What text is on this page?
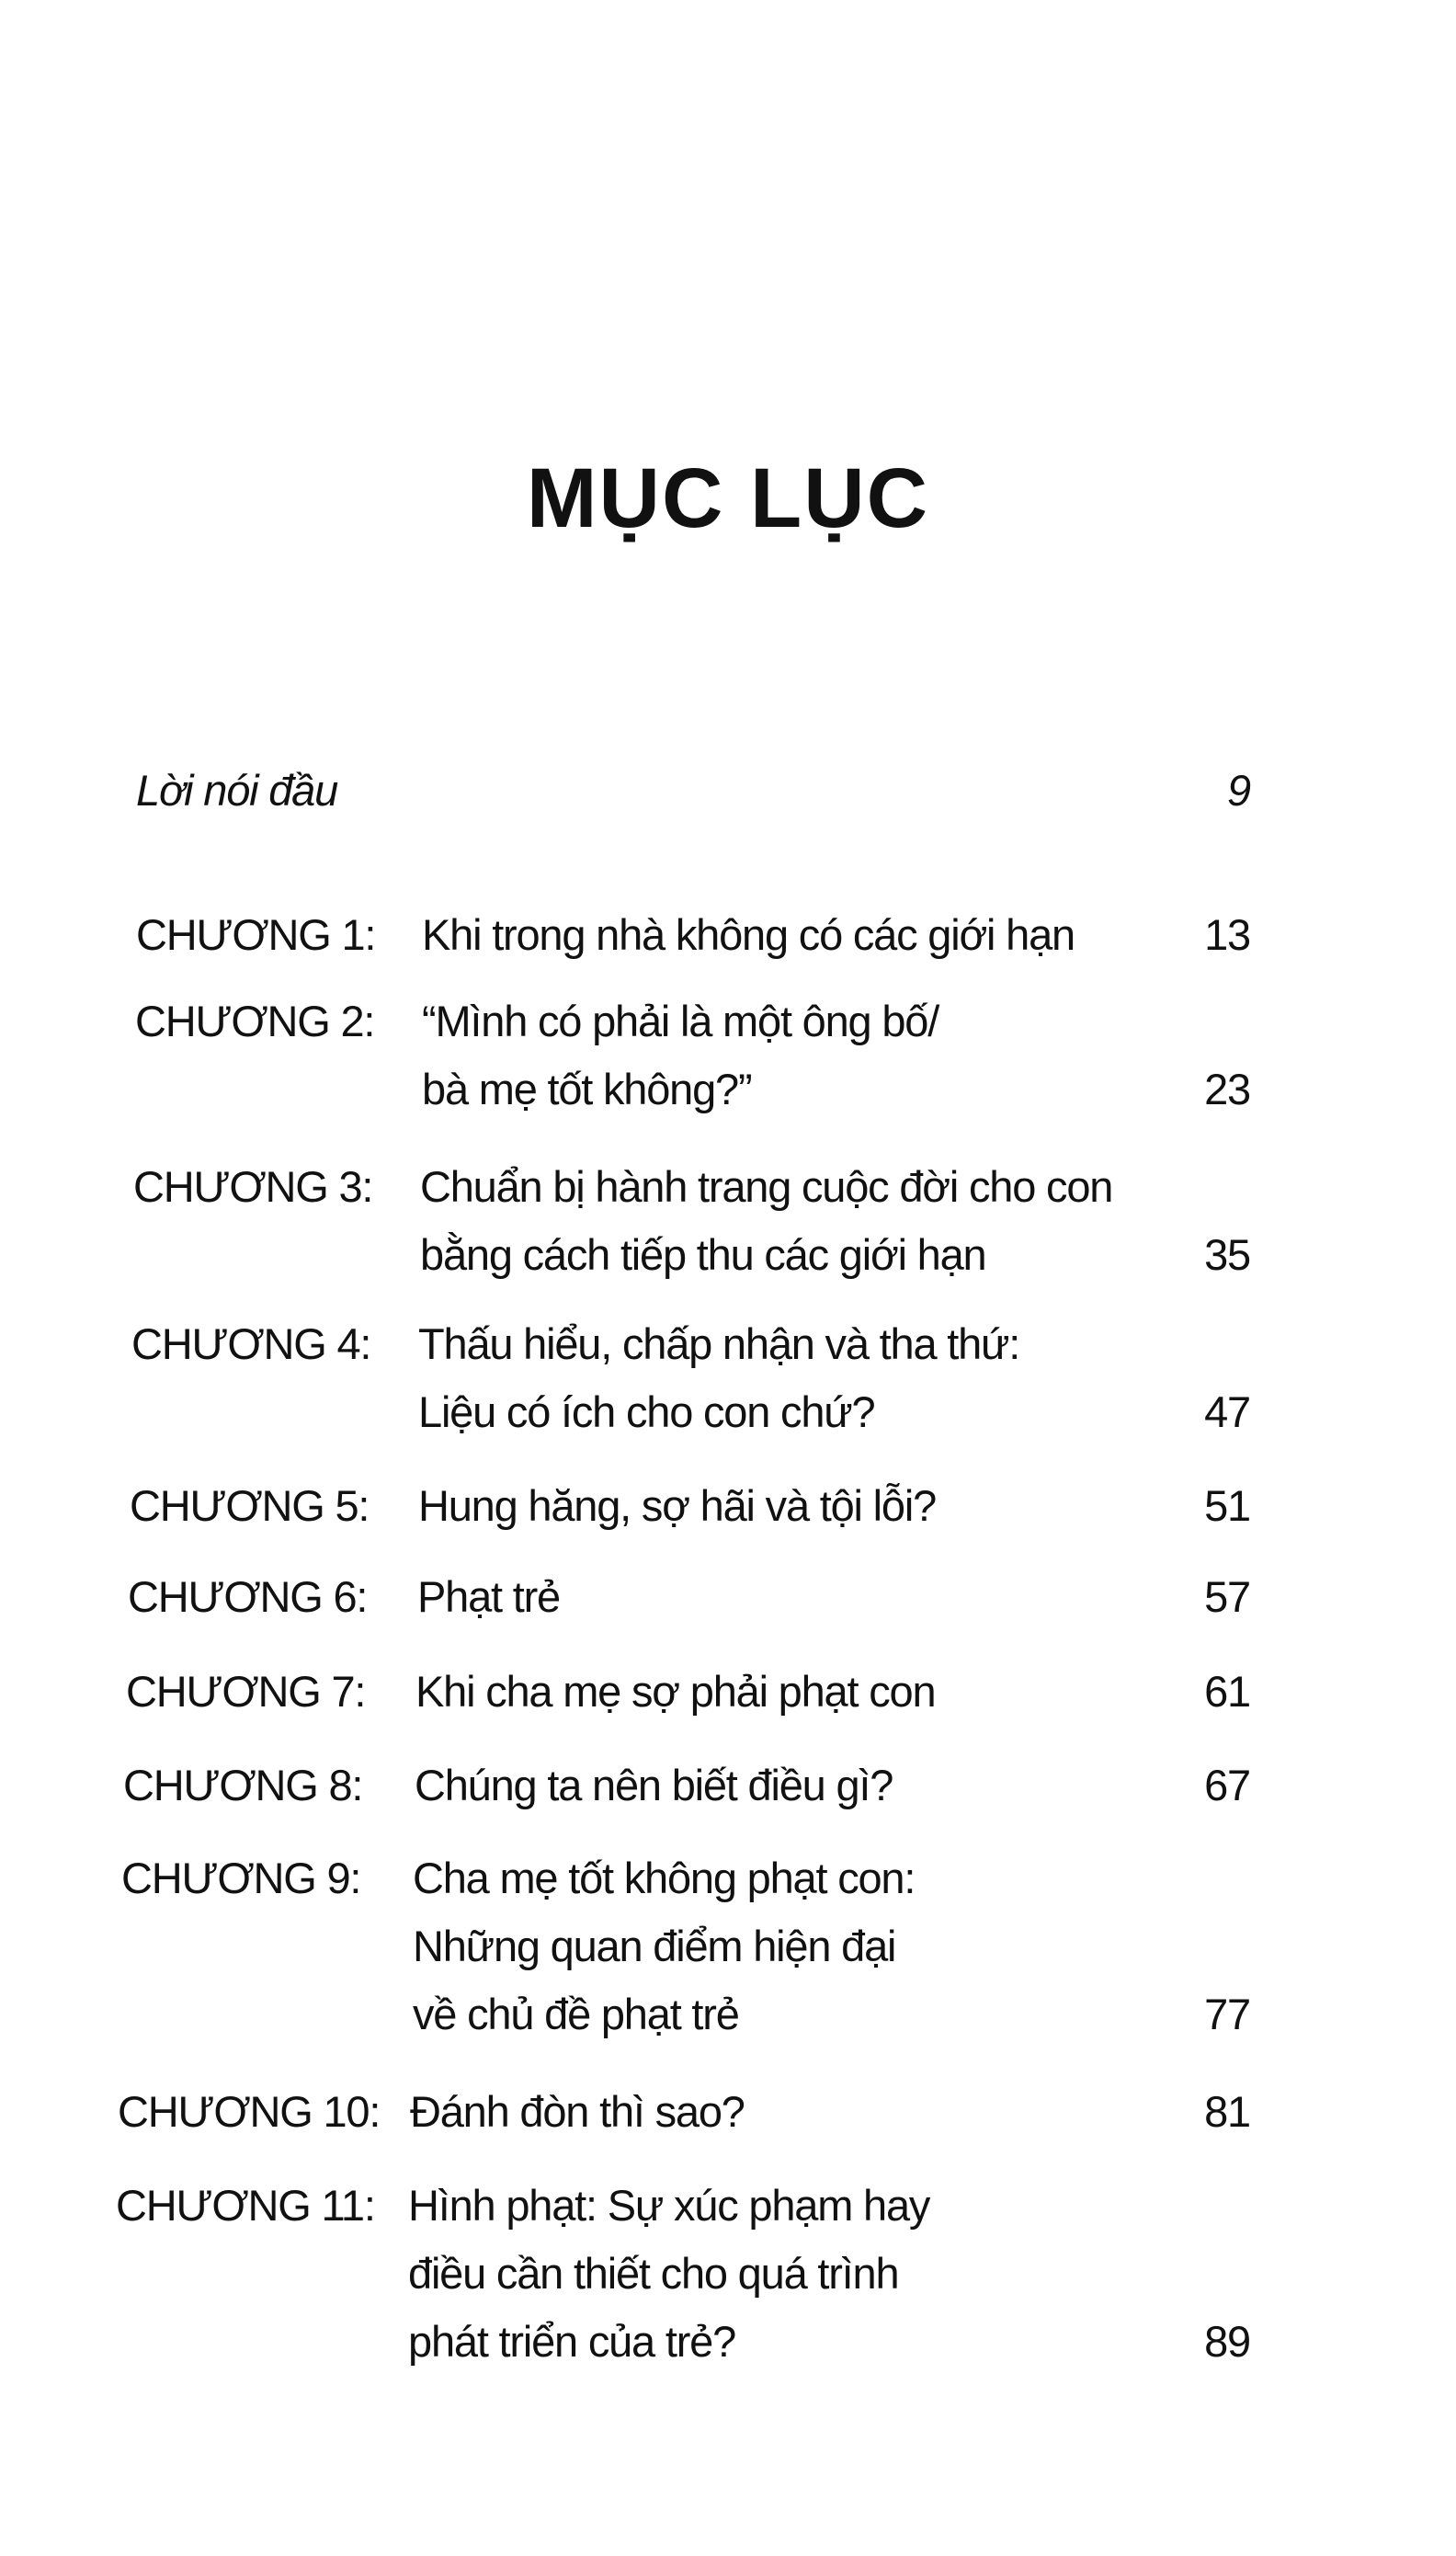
MỤC LỤC
Lời nói đầu	9
CHƯƠNG 1: Khi trong nhà không có các giới hạn	13
CHƯƠNG 2: “Mình có phải là một ông bố/
bà mẹ tốt không?”	23
CHƯƠNG 3: Chuẩn bị hành trang cuộc đời cho con
bằng cách tiếp thu các giới hạn	35
CHƯƠNG 4: Thấu hiểu, chấp nhận và tha thứ:
Liệu có ích cho con chứ?	47
CHƯƠNG 5: Hung hăng, sợ hãi và tội lỗi?	51
CHƯƠNG 6: Phạt trẻ	57
CHƯƠNG 7: Khi cha mẹ sợ phải phạt con	61
CHƯƠNG 8: Chúng ta nên biết điều gì?	67
CHƯƠNG 9: Cha mẹ tốt không phạt con:
Những quan điểm hiện đại
về chủ đề phạt trẻ	77
CHƯƠNG 10: Đánh đòn thì sao?	81
CHƯƠNG 11: Hình phạt: Sự xúc phạm hay
điều cần thiết cho quá trình
phát triển của trẻ?	89
